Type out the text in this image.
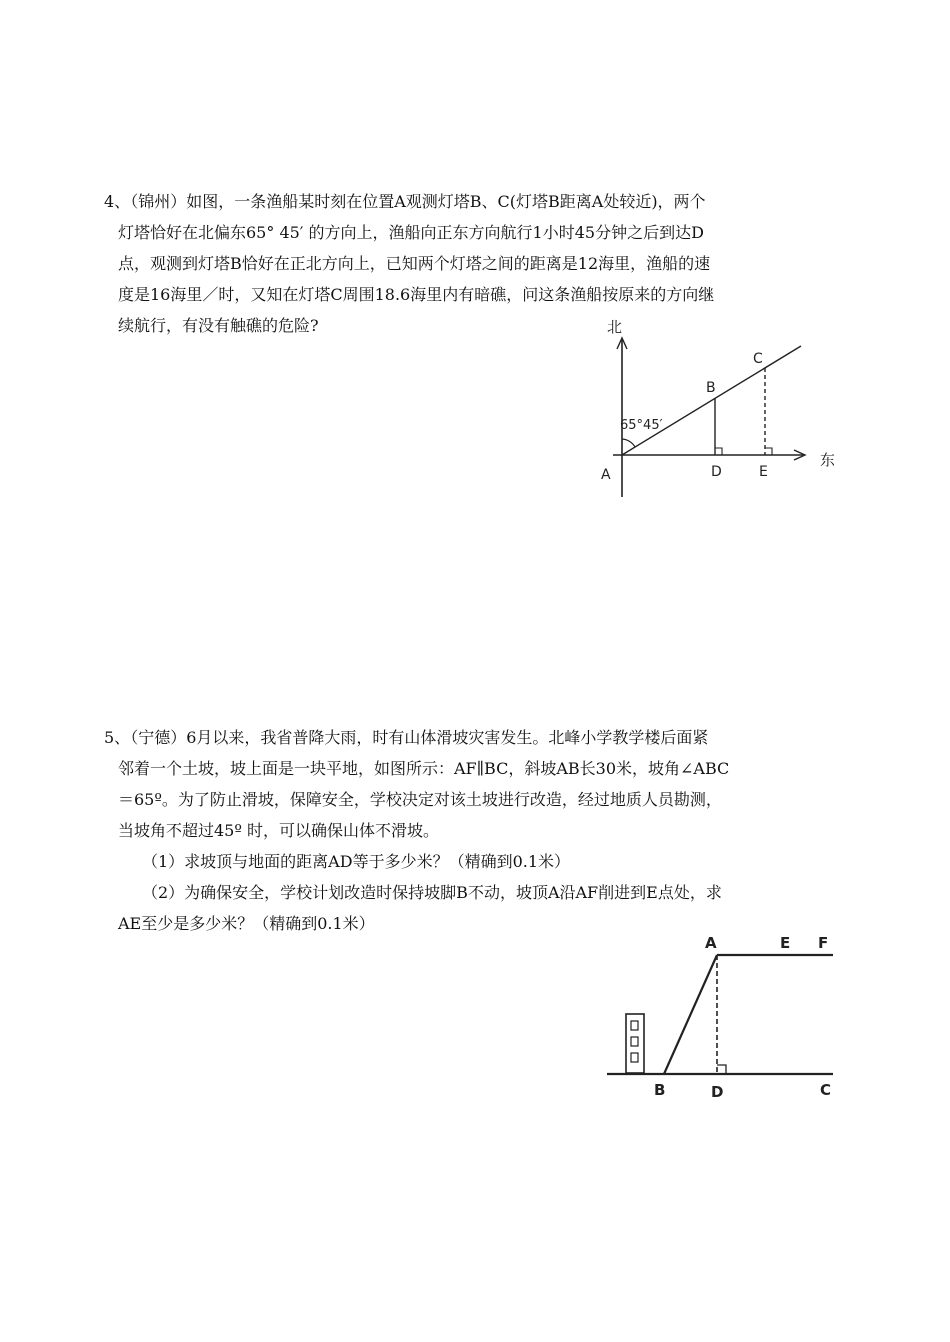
4、（锦州）如图，一条渔船某时刻在位置A观测灯塔B、C(灯塔B距离A处较近)，两个

灯塔恰好在北偏东65° 45′ 的方向上，渔船向正东方向航行1小时45分钟之后到达D

点，观测到灯塔B恰好在正北方向上，已知两个灯塔之间的距离是12海里，渔船的速

度是16海里／时，又知在灯塔C周围18.6海里内有暗礁，问这条渔船按原来的方向继

续航行，有没有触礁的危险?	北
东
65°45′
A
B
C
D	E

5、（宁德）6月以来，我省普降大雨，时有山体滑坡灾害发生。北峰小学教学楼后面紧

邻着一个土坡，坡上面是一块平地，如图所示：AF∥BC，斜坡AB长30米，坡角∠ABC

＝65º。为了防止滑坡，保障安全，学校决定对该土坡进行改造，经过地质人员勘测，

当坡角不超过45º 时，可以确保山体不滑坡。

（1）求坡顶与地面的距离AD等于多少米？（精确到0.1米）

（2）为确保安全，学校计划改造时保持坡脚B不动，坡顶A沿AF削进到E点处，求
AE至少是多少米？（精确到0.1米）

A	E F
B	D	C
